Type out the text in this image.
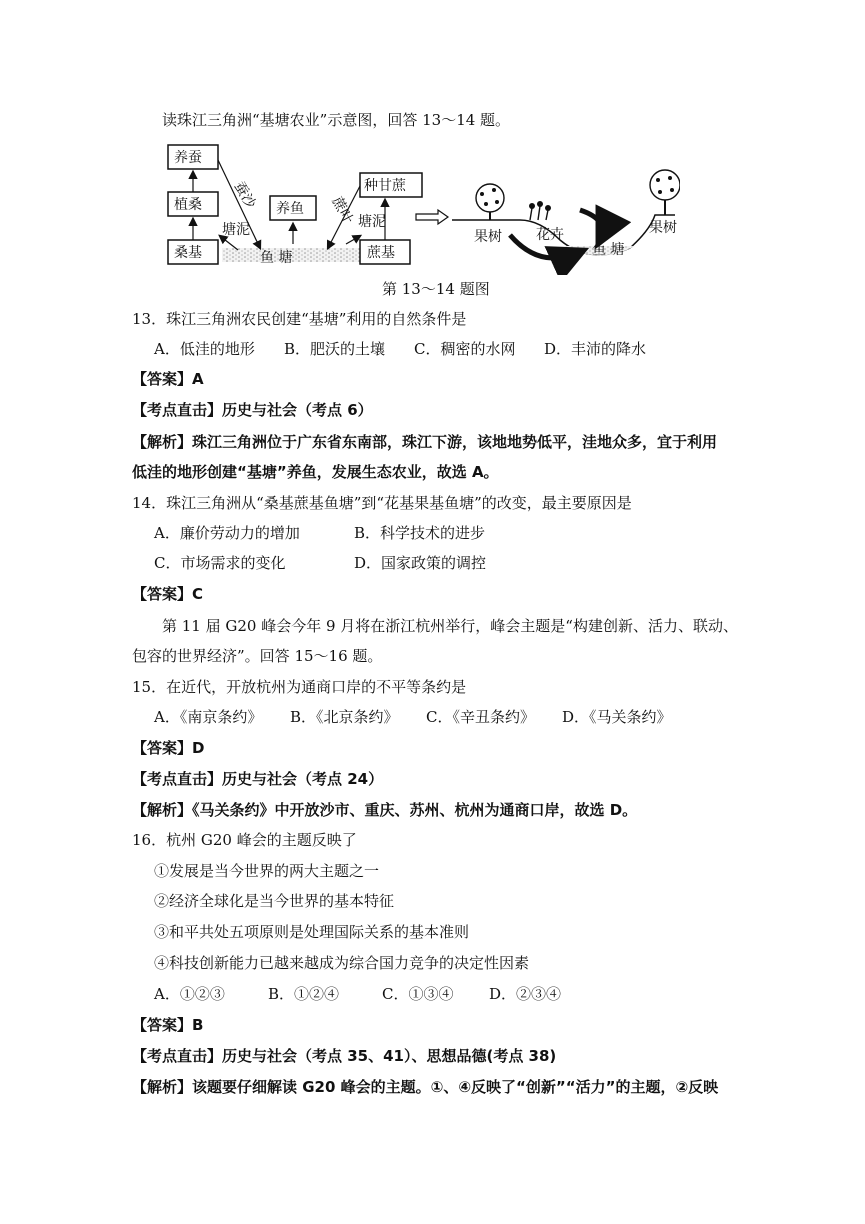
读珠江三角洲“基塘农业”示意图，回答 13～14 题。
养蚕
植桑
桑基
蚕沙
塘泥
鱼 塘
养鱼
种甘蔗
蔗基
蔗叶 塘泥
果树 花卉
鱼 塘
果树
第 13～14 题图
13．珠江三角洲农民创建“基塘”利用的自然条件是
A．低洼的地形 B．肥沃的土壤 C．稠密的水网 D．丰沛的降水
【答案】A
【考点直击】历史与社会（考点 6）
【解析】珠江三角洲位于广东省东南部，珠江下游，该地地势低平，洼地众多，宜于利用
低洼的地形创建“基塘”养鱼，发展生态农业，故选 A。
14．珠江三角洲从“桑基蔗基鱼塘”到“花基果基鱼塘”的改变，最主要原因是
A．廉价劳动力的增加	B．科学技术的进步
C．市场需求的变化	D．国家政策的调控
【答案】C
第 11 届 G20 峰会今年 9 月将在浙江杭州举行，峰会主题是“构建创新、活力、联动、
包容的世界经济”。回答 15～16 题。
15．在近代，开放杭州为通商口岸的不平等条约是
A．《南京条约》 B．《北京条约》 C．《辛丑条约》 D．《马关条约》
【答案】D
【考点直击】历史与社会（考点 24）
【解析】《马关条约》中开放沙市、重庆、苏州、杭州为通商口岸，故选 D。
16．杭州 G20 峰会的主题反映了
①发展是当今世界的两大主题之一
②经济全球化是当今世界的基本特征
③和平共处五项原则是处理国际关系的基本准则
④科技创新能力已越来越成为综合国力竞争的决定性因素
A．①②③	B．①②④	C．①③④ D．②③④
【答案】B
【考点直击】历史与社会（考点 35、41）、思想品德(考点 38)
【解析】该题要仔细解读 G20 峰会的主题。①、④反映了“创新”“活力”的主题，②反映
